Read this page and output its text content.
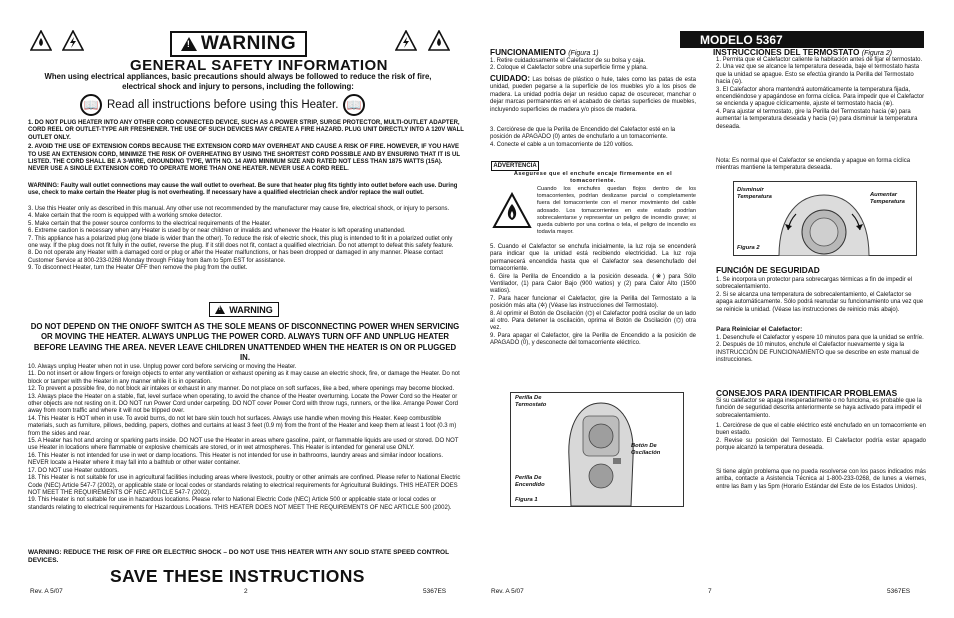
!
WARNING
GENERAL SAFETY INFORMATION
When using electrical appliances, basic precautions should always be followed to reduce the risk of fire, electrical shock and injury to persons, including the following:
📖 Read all instructions before using this Heater. 📖
1. DO NOT PLUG HEATER INTO ANY OTHER CORD CONNECTED DEVICE, SUCH AS A POWER STRIP, SURGE PROTECTOR, MULTI-OUTLET ADAPTER, CORD REEL OR OUTLET-TYPE AIR FRESHENER. THE USE OF SUCH DEVICES MAY CREATE A FIRE HAZARD. PLUG UNIT DIRECTLY INTO A 120V WALL OUTLET ONLY.
2. AVOID THE USE OF EXTENSION CORDS BECAUSE THE EXTENSION CORD MAY OVERHEAT AND CAUSE A RISK OF FIRE. HOWEVER, IF YOU HAVE TO USE AN EXTENSION CORD, MINIMIZE THE RISK OF OVERHEATING BY USING THE SHORTEST CORD POSSIBLE AND BY ENSURING THAT IT IS UL LISTED. THE CORD SHALL BE A 3-WIRE, GROUNDING TYPE, WITH NO. 14 AWG MINIMUM SIZE AND RATED NOT LESS THAN 1875 WATTS (15A). NEVER USE A SINGLE EXTENSION CORD TO OPERATE MORE THAN ONE HEATER. NEVER USE A CORD REEL.
WARNING: Faulty wall outlet connections may cause the wall outlet to overheat. Be sure that heater plug fits tightly into outlet before each use. During use, check to make certain the Heater plug is not overheating. If necessary have a qualified electrician check and/or replace the wall outlet.
3. Use this Heater only as described in this manual. Any other use not recommended by the manufacturer may cause fire, electrical shock, or injury to persons.
4. Make certain that the room is equipped with a working smoke detector.
5. Make certain that the power source conforms to the electrical requirements of the Heater.
6. Extreme caution is necessary when any Heater is used by or near children or invalids and whenever the Heater is left operating unattended.
7. This appliance has a polarized plug (one blade is wider than the other). To reduce the risk of electric shock, this plug is intended to fit in a polarized outlet only one way. If the plug does not fit fully in the outlet, reverse the plug. If it still does not fit, contact a qualified electrician. Do not attempt to defeat this safety feature.
8. Do not operate any Heater with a damaged cord or plug or after the Heater malfunctions, or has been dropped or damaged in any manner. Please contact Customer Service at 800-233-0268 Monday through Friday from 8am to 5pm EST for assistance.
9. To disconnect Heater, turn the Heater OFF then remove the plug from the outlet.
!
WARNING
DO NOT DEPEND ON THE ON/OFF SWITCH AS THE SOLE MEANS OF DISCONNECTING POWER WHEN SERVICING OR MOVING THE HEATER. ALWAYS UNPLUG THE POWER CORD. ALWAYS TURN OFF AND UNPLUG HEATER BEFORE LEAVING THE AREA. NEVER LEAVE CHILDREN UNATTENDED WHEN THE HEATER IS ON OR PLUGGED IN.
10. Always unplug Heater when not in use. Unplug power cord before servicing or moving the Heater.
11. Do not insert or allow fingers or foreign objects to enter any ventilation or exhaust opening as it may cause an electric shock, fire, or damage the Heater. Do not block or tamper with the Heater in any manner while it is in operation.
12. To prevent a possible fire, do not block air intakes or exhaust in any manner. Do not place on soft surfaces, like a bed, where openings may become blocked.
13. Always place the Heater on a stable, flat, level surface when operating, to avoid the chance of the Heater overturning. Locate the Power Cord so the Heater or other objects are not resting on it. DO NOT run Power Cord under carpeting. DO NOT cover Power Cord with throw rugs, runners, or the like. Arrange Power Cord away from room traffic and where it will not be tripped over.
14. This Heater is HOT when in use. To avoid burns, do not let bare skin touch hot surfaces. Always use handle when moving this Heater. Keep combustible materials, such as furniture, pillows, bedding, papers, clothes and curtains at least 3 feet (0.9 m) from the front of the Heater and keep them at least 1 foot (0.3 m) from the sides and rear.
15. A Heater has hot and arcing or sparking parts inside. DO NOT use the Heater in areas where gasoline, paint, or flammable liquids are used or stored. DO NOT use Heater in locations where flammable or explosive chemicals are stored, or in wet atmospheres. This Heater is intended for general use ONLY.
16. This Heater is not intended for use in wet or damp locations. This Heater is not intended for use in bathrooms, laundry areas and similar indoor locations. NEVER locate a Heater where it may fall into a bathtub or other water container.
17. DO NOT use Heater outdoors.
18. This Heater is not suitable for use in agricultural facilities including areas where livestock, poultry or other animals are confined. Please refer to National Electric Code (NEC) Article 547-7 (2002), or applicable state or local codes or standards relating to electrical requirements for Agricultural Buildings. THIS HEATER DOES NOT MEET THE REQUIREMENTS OF NEC ARTICLE 547-7 (2002).
19. This Heater is not suitable for use in hazardous locations. Please refer to National Electric Code (NEC) Article 500 or applicable state or local codes or standards relating to electrical requirements for Hazardous Locations. THIS HEATER DOES NOT MEET THE REQUIREMENTS OF NEC ARTICLE 500 (2002).
WARNING: REDUCE THE RISK OF FIRE OR ELECTRIC SHOCK – DO NOT USE THIS HEATER WITH ANY SOLID STATE SPEED CONTROL DEVICES.
SAVE THESE INSTRUCTIONS
Rev. A 5/07	2	5367ES
MODELO 5367
FUNCIONAMIENTO (Figura 1)
1. Retire cuidadosamente el Calefactor de su bolsa y caja.
2. Coloque el Calefactor sobre una superficie firme y plana.
CUIDADO: Las bolsas de plástico o hule, tales como las patas de esta unidad, pueden pegarse a la superficie de los muebles y/o a los pisos de madera. La unidad podría dejar un residuo capaz de oscurecer, manchar o dejar marcas permanentes en el acabado de ciertas superficies de muebles, incluyendo superficies de madera y/o pisos de madera.
3. Cerciórese de que la Perilla de Encendido del Calefactor esté en la posición de APAGADO (0) antes de enchufarlo a un tomacorriente.
4. Conecte el cable a un tomacorriente de 120 voltios.
ADVERTENCIA
Asegurese que el enchufe encaje firmemente en el tomacorriente.
Cuando los enchufes quedan flojos dentro de los tomacorrientes, podrían deslizarse parcial o completamente fuera del tomacorriente con el menor movimiento del cable adosado. Los tomacorrientes en este estado podrían sobrecalentarse y representar un peligro de incendio grave; si queda cubierto por una cortina o tela, el peligro de incendio es todavía mayor.
5. Cuando el Calefactor se enchufa inicialmente, la luz roja se encenderá para indicar que la unidad está recibiendo electricidad. La luz roja permanecerá encendida hasta que el Calefactor sea desenchufado del tomacorriente.
6. Gire la Perilla de Encendido a la posición deseada. (❀) para Sólo Ventilador, (1) para Calor Bajo (900 watios) y (2) para Calor Alto (1500 watios).
7. Para hacer funcionar el Calefactor, gire la Perilla del Termostato a la posición más alta (✲) (Véase las instrucciones del Termostato).
8. Al oprimir el Botón de Oscilación (⌬) el Calefactor podrá oscilar de un lado al otro. Para detener la oscilación, oprima el Botón de Oscilación (⌬) otra vez.
9. Para apagar el Calefactor, gire la Perilla de Encendido a la posición de APAGADO (0), y desconecte del tomacorriente eléctrico.
Perilla De Termostato
Botón De Oscilación
Perilla De Encendido
Figura 1
Rev. A 5/07	7	5367ES
INSTRUCCIONES DEL TERMOSTATO (Figura 2)
1. Permita que el Calefactor caliente la habitación antes de fijar el termostato.
2. Una vez que se alcance la temperatura deseada, baje el termostato hasta que la unidad se apague. Esto se efectúa girando la Perilla del Termostato hacia (⊖).
3. El Calefactor ahora mantendrá automáticamente la temperatura fijada, encendiéndose y apagándose en forma cíclica. Para impedir que el Calefactor se encienda y apague cíclicamente, ajuste el termostato hacia (⊕).
4. Para ajustar el termostato, gire la Perilla del Termostato hacia (⊕) para aumentar la temperatura deseada y hacia (⊖) para disminuir la temperatura deseada.
Nota: Es normal que el Calefactor se encienda y apague en forma cíclica mientras mantiene la temperatura deseada.
Disminuir Temperatura	Aumentar Temperatura
Figura 2
FUNCIÓN DE SEGURIDAD
1. Se incorpora un protector para sobrecargas térmicas a fin de impedir el sobrecalentamiento.
2. Si se alcanza una temperatura de sobrecalentamiento, el Calefactor se apaga automáticamente. Sólo podrá reanudar su funcionamiento una vez que se reinicie la unidad. (Véase las instrucciones de reinicio más abajo).
Para Reiniciar el Calefactor:
1. Desenchufe el Calefactor y espere 10 minutos para que la unidad se enfríe.
2. Después de 10 minutos, enchufe el Calefactor nuevamente y siga la INSTRUCCIÓN DE FUNCIONAMIENTO que se describe en este manual de instrucciones.
CONSEJOS PARA IDENTIFICAR PROBLEMAS
Si su calefactor se apaga inesperadamente o no funciona, es probable que la función de seguridad descrita anteriormente se haya activado para impedir el sobrecalentamiento.
1. Cerciórese de que el cable eléctrico esté enchufado en un tomacorriente en buen estado.
2. Revise su posición del Termostato. El Calefactor podría estar apagado porque alcanzó la temperatura deseada.
Si tiene algún problema que no pueda resolverse con los pasos indicados más arriba, contacte a Asistencia Técnica al 1-800-233-0268, de lunes a viernes, entre las 8am y las 5pm (Horario Estándar del Este de los Estados Unidos).
